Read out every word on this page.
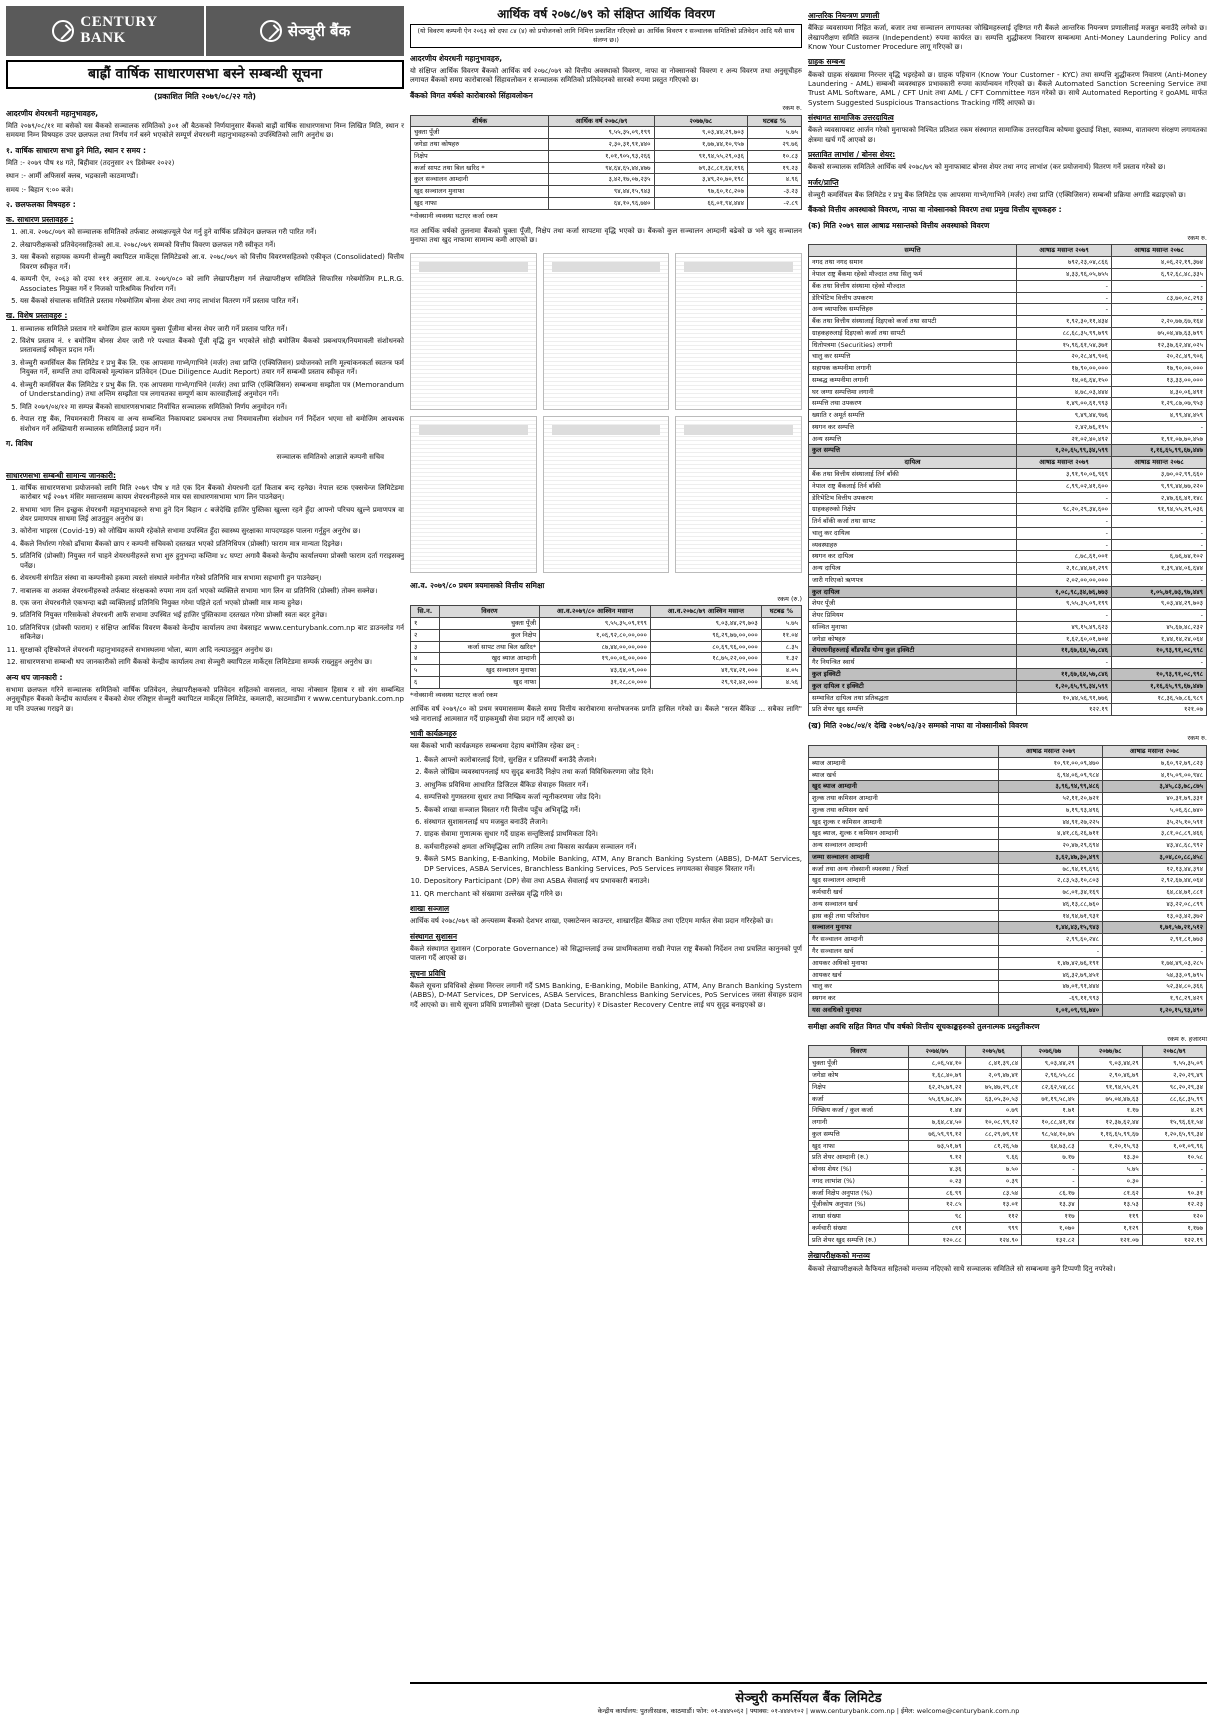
CENTURY
BANK	सेञ्चुरी बैंक
बाह्रौं वार्षिक साधारणसभा बस्ने सम्बन्धी सूचना
(प्रकाशित मिति २०७९/०८/२२ गते)

आदरणीय शेयरधनी महानुभावहरु,

मिति २०७९/०८/११ मा बसेको यस बैंकको सञ्चालक समितिको ३०१ औं बैठकको निर्णयानुसार बैंकको बाह्रौं वार्षिक साधारणसभा निम्न लिखित मिति, स्थान र समयमा निम्न विषयहरु उपर छलफल तथा निर्णय गर्न बस्ने भएकोले सम्पूर्ण शेयरधनी महानुभावहरुको उपस्थितिको लागि अनुरोध छ।

१. वार्षिक साधारण सभा हुने मिति, स्थान र समय :

मिति :- २०७९ पौष १४ गते, बिहीवार (तदनुसार २९ डिसेम्बर २०२२)

स्थान :- आर्मी अफिसर्स क्लब, भद्रकाली काठमाण्डौं।

समय :- बिहान ९:०० बजे।

२. छलफलका विषयहरु :

क. साधारण प्रस्तावहरु :

1. आ.व. २०७८/०७९ को सञ्चालक समितिको तर्फबाट अध्यक्षज्यूले पेश गर्नु हुने वार्षिक प्रतिवेदन छलफल गरी पारित गर्ने।
2. लेखापरीक्षकको प्रतिवेदनसहितको आ.व. २०७८/०७९ सम्मको वित्तीय विवरण छलफल गरी स्वीकृत गर्ने।
3. यस बैंकको सहायक कम्पनी सेञ्चुरी क्यापिटल मार्केट्स लिमिटेडको आ.व. २०७८/०७९ को वित्तीय विवरणसहितको एकीकृत (Consolidated) वित्तीय विवरण स्वीकृत गर्ने।
4. कम्पनी ऐन, २०६३ को दफा १११ अनुसार आ.व. २०७९/०८० को लागि लेखापरीक्षण गर्न लेखापरीक्षण समितिले सिफारिस गरेबमोजिम P.L.R.G. Associates नियुक्त गर्ने र निजको पारिश्रमिक निर्धारण गर्ने।
5. यस बैंकको संचालक समितिले प्रस्ताव गरेबमोजिम बोनस शेयर तथा नगद लाभांश वितरण गर्ने प्रस्ताव पारित गर्ने।

ख. विशेष प्रस्तावहरु :

1. सञ्चालक समितिले प्रस्ताव गरे बमोजिम हाल कायम चुक्ता पूँजीमा बोनस शेयर जारी गर्ने प्रस्ताव पारित गर्ने।
2. विशेष प्रस्ताव नं. १ बमोजिम बोनस शेयर जारी गरे पश्चात बैंकको पूँजी वृद्धि हुन भएकोले सोही बमोजिम बैंकको प्रबन्धपत्र/नियमावली संशोधनको प्रस्तावलाई स्वीकृत प्रदान गर्ने।
3. सेञ्चुरी कमर्सियल बैंक लिमिटेड र प्रभु बैंक लि. एक आपसमा गाभ्ने/गाभिने (मर्जर) तथा प्राप्ति (एक्विजिसन) प्रयोजनको लागि मूल्यांकनकर्ता स्वतन्त्र फर्म नियुक्त गर्ने, सम्पत्ति तथा दायित्वको मूल्यांकन प्रतिवेदन (Due Diligence Audit Report) तयार गर्ने सम्बन्धी प्रस्ताव स्वीकृत गर्ने।
4. सेञ्चुरी कमर्सियल बैंक लिमिटेड र प्रभु बैंक लि. एक आपसमा गाभ्ने/गाभिने (मर्जर) तथा प्राप्ति (एक्विजिसन) सम्बन्धमा सम्झौता पत्र (Memorandum of Understanding) तथा अन्तिम सम्झौता पत्र लगायतका सम्पूर्ण काम कारवाहीलाई अनुमोदन गर्ने।
5. मिति २०७९/०४/१२ मा सम्पन्न बैंकको साधारणसभाबाट निर्वाचित सञ्चालक समितिको निर्णय अनुमोदन गर्ने।
6. नेपाल राष्ट्र बैंक, नियमनकारी निकाय वा अन्य सम्बन्धित निकायबाट प्रबन्धपत्र तथा नियमावलीमा संशोधन गर्न निर्देशन भएमा सो बमोजिम आवश्यक संशोधन गर्ने अख्तियारी सञ्चालक समितिलाई प्रदान गर्ने।

ग. विविध

सञ्चालक समितिको आज्ञाले कम्पनी सचिव

साधारणसभा सम्बन्धी सामान्य जानकारी:

1. वार्षिक साधारणसभा प्रयोजनको लागि मिति २०७९ पौष ४ गते एक दिन बैंकको शेयरधनी दर्ता किताब बन्द रहनेछ। नेपाल स्टक एक्सचेन्ज लिमिटेडमा कारोबार भई २०७९ मंसिर मसान्तसम्म कायम शेयरधनीहरुले मात्र यस साधारणसभामा भाग लिन पाउनेछन्।
2. सभामा भाग लिन इच्छुक शेयरधनी महानुभावहरुले सभा हुने दिन बिहान ८ बजेदेखि हाजिर पुस्तिका खुल्ला रहने हुँदा आफ्नो परिचय खुल्ने प्रमाणपत्र वा शेयर प्रमाणपत्र साथमा लिई आउनुहुन अनुरोध छ।
3. कोरोना भाइरस (Covid-19) को जोखिम कायमै रहेकोले सभामा उपस्थित हुँदा स्वास्थ्य सुरक्षाका मापदण्डहरु पालना गर्नुहुन अनुरोध छ।
4. बैंकले निर्धारण गरेको ढाँचामा बैंकको छाप र कम्पनी सचिवको दस्तखत भएको प्रतिनिधिपत्र (प्रोक्सी) फाराम मात्र मान्यता दिइनेछ।
5. प्रतिनिधि (प्रोक्सी) नियुक्त गर्न चाहने शेयरधनीहरुले सभा शुरु हुनुभन्दा कम्तिमा ४८ घण्टा अगावै बैंकको केन्द्रीय कार्यालयमा प्रोक्सी फाराम दर्ता गराइसक्नु पर्नेछ।
6. शेयरधनी संगठित संस्था वा कम्पनीको हकमा त्यस्तो संस्थाले मनोनीत गरेको प्रतिनिधि मात्र सभामा सहभागी हुन पाउनेछन्।
7. नाबालक वा अशक्त शेयरधनीहरुको तर्फबाट संरक्षकको रुपमा नाम दर्ता भएको व्यक्तिले सभामा भाग लिन वा प्रतिनिधि (प्रोक्सी) तोक्न सक्नेछ।
8. एक जना शेयरधनीले एकभन्दा बढी व्यक्तिलाई प्रतिनिधि नियुक्त गरेमा पहिले दर्ता भएको प्रोक्सी मात्र मान्य हुनेछ।
9. प्रतिनिधि नियुक्त गरिसकेको शेयरधनी आफैं सभामा उपस्थित भई हाजिर पुस्तिकामा दस्तखत गरेमा प्रोक्सी स्वतः बदर हुनेछ।
10. प्रतिनिधिपत्र (प्रोक्सी फाराम) र संक्षिप्त आर्थिक विवरण बैंकको केन्द्रीय कार्यालय तथा वेबसाइट www.centurybank.com.np बाट डाउनलोड गर्न सकिनेछ।
11. सुरक्षाको दृष्टिकोणले शेयरधनी महानुभावहरुले सभास्थलमा भोला, ब्याग आदि नल्याउनुहुन अनुरोध छ।
12. साधारणसभा सम्बन्धी थप जानकारीको लागि बैंकको केन्द्रीय कार्यालय तथा सेञ्चुरी क्यापिटल मार्केट्स लिमिटेडमा सम्पर्क राख्नुहुन अनुरोध छ।

अन्य थप जानकारी :

सभामा छलफल गरिने सञ्चालक समितिको वार्षिक प्रतिवेदन, लेखापरीक्षकको प्रतिवेदन सहितको वासलात, नाफा नोक्सान हिसाब र सो संग सम्बन्धित अनुसूचीहरु बैंकको केन्द्रीय कार्यालय र बैंकको शेयर रजिष्ट्रार सेञ्चुरी क्यापिटल मार्केट्स लिमिटेड, कमलादी, काठमाडौंमा र www.centurybank.com.np मा पनि उपलब्ध गराइने छ।

आर्थिक वर्ष २०७८/७९ को संक्षिप्त आर्थिक विवरण
(यो विवरण कम्पनी ऐन २०६३ को दफा ८४ (४) को प्रयोजनको लागि निमित्त प्रकाशित गरिएको छ। आर्थिक विवरण र सञ्चालक समितिको प्रतिवेदन आदि यसै साथ संलग्न छ।)

आदरणीय शेयरधनी महानुभावहरु,

यो संक्षिप्त आर्थिक विवरण बैंकको आर्थिक वर्ष २०७८/०७९ को वित्तीय अवस्थाको विवरण, नाफा वा नोक्सानको विवरण र अन्य विवरण तथा अनुसूचीहरु लगायत बैंकको समग्र कारोबारको सिंहावलोकन र सञ्चालक समितिको प्रतिवेदनको सारको रुपमा प्रस्तुत गरिएको छ।

बैंकको विगत वर्षको कारोबारको सिंहावलोकन

रकम रु.
शीर्षक	आर्थिक वर्ष २०७८/७९	२०७७/७८	घटबढ %
चुक्ता पूँजी	९,५५,३५,०९,१९९	९,०३,४४,२९,७०३	५.७५
जगेडा तथा कोषहरु	२,३०,३१,९१,४४०	१,७७,४४,१०,९५७	२९.७६
निक्षेप	१,०१,९०५,९३,२६६	९१,९४,५५,२९,०३६	१०.८३
कर्जा सापट तथा बिल खरिद *	९४,६४,६५,४४,४७७	७९,३८,८१,६४,१९६	१९.२३
कुल सञ्चालन आम्दानी	३,४२,१७,०७,२३५	३,४९,२०,७०,१९८	४.९६
खुद सञ्चालन मुनाफा	९४,४४,१५,९४३	९७,६०,१८,२०७	-३.२३
खुद नाफा	६४,१०,९६,७४०	६६,०१,९४,४४४	-२.८९
*नोक्सानी व्यवस्था घटाएर कर्जा रकम

गत आर्थिक वर्षको तुलनामा बैंकको चुक्ता पूँजी, निक्षेप तथा कर्जा सापटमा वृद्धि भएको छ। बैंकको कुल सञ्चालन आम्दानी बढेको छ भने खुद सञ्चालन मुनाफा तथा खुद नाफामा सामान्य कमी आएको छ।

आ.व. २०७९/८० प्रथम त्रयमासको वित्तीय समिक्षा

रकम (रु.)
सि.न.	विवरण	आ.व.२०७९/८० आश्विन मसान्त	आ.व.२०७८/७९ आश्विन मसान्त	घटबढ %
१	चुक्ता पूँजी	९,५५,३५,०९,१९९	९,०३,४४,२९,७०३	५.७५
२	कुल निक्षेप	१,०६,९२,८०,००,०००	९६,२९,७७,००,०००	११.०४
३	कर्जा सापट तथा बिल खरिद*	८७,४४,००,००,०००	८०,६९,९६,००,०००	८.३५
४	खुद ब्याज आम्दानी	१९,००,०६,००,०००	१८,७५,२२,००,०००	१.३२
५	खुद सञ्चालन मुनाफा	४३,६४,०९,०००	४१,९४,२१,०००	४.०५
६	खुद नाफा	३१,२८,८०,०००	२९,९२,४२,०००	४.५६
*नोक्सानी व्यवस्था घटाएर कर्जा रकम

आर्थिक वर्ष २०७९/८० को प्रथम त्रयमाससम्म बैंकले समग्र वित्तीय कारोबारमा सन्तोषजनक प्रगति हासिल गरेको छ। बैंकले "सरल बैंकिङ ... सबैका लागि" भन्ने नारालाई आत्मसात गर्दै ग्राहकमुखी सेवा प्रदान गर्दै आएको छ।

भावी कार्यक्रमहरु

यस बैंकको भावी कार्यक्रमहरु सम्बन्धमा देहाय बमोजिम रहेका छन् :

1. बैंकले आफ्नो कारोबारलाई दिगो, सुरक्षित र प्रतिस्पर्धी बनाउँदै लैजाने।
2. बैंकले जोखिम व्यवस्थापनलाई थप सुदृढ बनाउँदै निक्षेप तथा कर्जा विविधिकरणमा जोड दिने।
3. आधुनिक प्रविधिमा आधारित डिजिटल बैंकिङ सेवाहरु विस्तार गर्ने।
4. सम्पत्तिको गुणस्तरमा सुधार तथा निष्क्रिय कर्जा न्यूनीकरणमा जोड दिने।
5. बैंकको शाखा सञ्जाल विस्तार गरी वित्तीय पहुँच अभिवृद्धि गर्ने।
6. संस्थागत सुशासनलाई थप मजबुत बनाउँदै लैजाने।
7. ग्राहक सेवामा गुणात्मक सुधार गर्दै ग्राहक सन्तुष्टिलाई प्राथमिकता दिने।
8. कर्मचारीहरुको क्षमता अभिवृद्धिका लागि तालिम तथा विकास कार्यक्रम सञ्चालन गर्ने।
9. बैंकले SMS Banking, E-Banking, Mobile Banking, ATM, Any Branch Banking System (ABBS), D-MAT Services, DP Services, ASBA Services, Branchless Banking Services, PoS Services लगायतका सेवाहरु विस्तार गर्ने।
10. Depository Participant (DP) सेवा तथा ASBA सेवालाई थप प्रभावकारी बनाउने।
11. QR merchant को संख्यामा उल्लेख्य वृद्धि गरिने छ।

शाखा सञ्जाल

आर्थिक वर्ष २०७८/०७९ को अन्त्यसम्म बैंकको देशभर शाखा, एक्सटेन्सन काउन्टर, शाखारहित बैंकिङ तथा एटिएम मार्फत सेवा प्रदान गरिरहेको छ।

संस्थागत सुशासन

बैंकले संस्थागत सुशासन (Corporate Governance) को सिद्धान्तलाई उच्च प्राथमिकतामा राखी नेपाल राष्ट्र बैंकको निर्देशन तथा प्रचलित कानुनको पूर्ण पालना गर्दै आएको छ।

सूचना प्रविधि

बैंकले सूचना प्रविधिको क्षेत्रमा निरन्तर लगानी गर्दै SMS Banking, E-Banking, Mobile Banking, ATM, Any Branch Banking System (ABBS), D-MAT Services, DP Services, ASBA Services, Branchless Banking Services, PoS Services जस्ता सेवाहरु प्रदान गर्दै आएको छ। साथै सूचना प्रविधि प्रणालीको सुरक्षा (Data Security) र Disaster Recovery Centre लाई थप सुदृढ बनाइएको छ।

आन्तरिक नियन्त्रण प्रणाली

बैंकिङ व्यवसायमा निहित कर्जा, बजार तथा सञ्चालन लगायतका जोखिमहरुलाई दृष्टिगत गरी बैंकले आन्तरिक नियन्त्रण प्रणालीलाई मजबुत बनाउँदै लगेको छ। लेखापरीक्षण समिति स्वतन्त्र (Independent) रुपमा कार्यरत छ। सम्पत्ति शुद्धीकरण निवारण सम्बन्धमा Anti-Money Laundering Policy and Know Your Customer Procedure लागू गरिएको छ।

ग्राहक सम्बन्ध

बैंकको ग्राहक संख्यामा निरन्तर वृद्धि भइरहेको छ। ग्राहक पहिचान (Know Your Customer - KYC) तथा सम्पत्ति शुद्धीकरण निवारण (Anti-Money Laundering - AML) सम्बन्धी व्यवस्थाहरु प्रभावकारी रुपमा कार्यान्वयन गरिएको छ। बैंकले Automated Sanction Screening Service तथा Trust AML Software, AML / CFT Unit तथा AML / CFT Committee गठन गरेको छ। साथै Automated Reporting र goAML मार्फत System Suggested Suspicious Transactions Tracking गरिँदै आएको छ।

संस्थागत सामाजिक उत्तरदायित्व

बैंकले व्यवसायबाट आर्जन गरेको मुनाफाको निश्चित प्रतिशत रकम संस्थागत सामाजिक उत्तरदायित्व कोषमा छुट्याई शिक्षा, स्वास्थ्य, वातावरण संरक्षण लगायतका क्षेत्रमा खर्च गर्दै आएको छ।

प्रस्तावित लाभांश / बोनस शेयर:

बैंकको सञ्चालक समितिले आर्थिक वर्ष २०७८/७९ को मुनाफाबाट बोनस शेयर तथा नगद लाभांश (कर प्रयोजनार्थ) वितरण गर्ने प्रस्ताव गरेको छ।

मर्जर/प्राप्ति

सेञ्चुरी कमर्सियल बैंक लिमिटेड र प्रभु बैंक लिमिटेड एक आपसमा गाभ्ने/गाभिने (मर्जर) तथा प्राप्ति (एक्विजिसन) सम्बन्धी प्रक्रिया अगाडि बढाइएको छ।

बैंकको वित्तीय अवस्थाको विवरण, नाफा वा नोक्सानको विवरण तथा प्रमुख वित्तीय सूचकहरु :

(क) मिति २०७९ साल आषाढ मसान्तको वित्तीय अवस्थाको विवरण

रकम रु.
सम्पत्ति	आषाढ मसान्त २०७९	आषाढ मसान्त २०७८
नगद तथा नगद समान	७९२,२३,०४,८६६	४,०६,२२,१९,३७४
नेपाल राष्ट्र बैंकमा रहेको मौज्दात तथा सिलु फर्म	४,३३,९६,०५,७५५	६,९२,६८,४८,३३५
बैंक तथा वित्तीय संस्थामा रहेको मौज्दात	-	-
डेरिभेटिभ वित्तीय उपकरण	-	८३,७०,०८,२९३
अन्य व्यापारिक सम्पत्तिहरु	-	-
बैंक तथा वित्तीय संस्थालाई दिइएको कर्जा तथा सापटी	१,९२,३०,११,४३४	२,२०,७७,६७,१६४
ग्राहकहरुलाई दिइएको कर्जा तथा सापटी	८८,६८,३५,९९,७९९	७५,०४,४७,६३,७९९
धितोपत्रमा (Securities) लगानी	१५,९६,६१,५४,३७१	१२,३७,६२,४४,०२५
चालु कर सम्पत्ति	२०,२८,४९,९०६	२०,२८,४९,९०६
सहायक कम्पनीमा लगानी	१७,९०,००,०००	१७,९०,००,०००
सम्बद्ध कम्पनीमा लगानी	१४,०६,६४,१५०	१३,३३,००,०००
घर जग्गा सम्पत्तिमा लगानी	४,७८,०३,४४४	४,३०,०६,४९१
सम्पत्ति तथा उपकरण	१,४९,००,६१,९९३	१,२९,८७,०७,९५३
ख्याति र अमूर्त सम्पत्ति	९,४९,४४,९७६	४,९९,४४,४५९
स्थगन कर सम्पत्ति	२,४२,७६,१९५	-
अन्य सम्पत्ति	२१,०२,४०,४९२	१,९१,०७,७०,४५७
कुल सम्पत्ति	१,२०,६५,९९,३४,५९९	१,१६,६५,९९,६७,४४७
दायित्व	आषाढ मसान्त २०७९	आषाढ मसान्त २०७८
बैंक तथा वित्तीय संस्थालाई तिर्न बाँकी	३,९१,९०,०६,९६९	३,७०,०२,९९,६६०
नेपाल राष्ट्र बैंकलाई तिर्न बाँकी	८,९९,०२,४१,६००	९,९९,४४,७७,२२०
डेरिभेटिभ वित्तीय उपकरण	-	२,४७,६६,४१,१४८
ग्राहकहरुको निक्षेप	९८,२०,२९,३४,६००	९१,९४,५५,२९,०३६
तिर्न बाँकी कर्जा तथा सापट	-	-
चालु कर दायित्व	-	-
व्यवस्थाहरु	-	-
स्थगन कर दायित्व	८,७८,६१,००१	६,७६,७४,१०२
अन्य दायित्व	२,१८,४४,७१,२९९	१,३९,४४,०६,६४४
जारी गरिएको ऋणपत्र	२,०२,००,००,०००	-
कुल दायित्व	१,०८,९८,३४,७६,७७३	१,०५,७१,७३,९७,४४९
शेयर पूँजी	९,५५,३५,०९,१९९	९,०३,४४,२९,७०३
शेयर प्रिमियम	-	-
सञ्चित मुनाफा	४९,१५,४९,६२३	४५,६७,४८,२३२
जगेडा कोषहरु	१,६२,६०,०१,७०४	१,४४,१४,२४,०६४
शेयरधनीहरुलाई बाँडफाँड योग्य कुल इक्विटी	११,६७,६४,५७,८४६	१०,९३,९१,०८,९९८
गैर नियन्त्रित स्वार्थ	-	-
कुल इक्विटी	११,६७,६४,५७,८४६	१०,९३,९१,०८,९९८
कुल दायित्व र इक्विटी	१,२०,६५,९९,३४,५९९	१,१६,६५,९९,६७,४४७
सम्भावित दायित्व तथा प्रतिबद्धता	१०,४४,५६,९१,७७६	१८,३६,५७,८६,९८९
प्रति शेयर खुद सम्पत्ति	१२२.१९	१२१.०७

(ख) मिति २०७८/०४/१ देखि २०७९/०३/३२ सम्मको नाफा वा नोक्सानीको विवरण

रकम रु.
	आषाढ मसान्त २०७९	आषाढ मसान्त २०७८
ब्याज आम्दानी	१०,९१,००,०९,४७०	७,६०,९२,७९,८२३
ब्याज खर्च	६,९४,०६,०९,९८४	४,१५,०९,००,९४८
खुद ब्याज आम्दानी	३,९६,९४,९९,४८६	३,४५,८३,७८,८७५
शुल्क तथा कमिसन आम्दानी	५२,११,२०,७२१	४०,३१,७९,३३१
शुल्क तथा कमिसन खर्च	७,१९,९३,४९६	५,०६,६८,७४०
खुद शुल्क र कमिसन आम्दानी	४४,९१,२७,२२५	३५,२५,१०,५९१
खुद ब्याज, शुल्क र कमिसन आम्दानी	४,४१,८६,२६,७११	३,८१,०८,८९,४६६
अन्य सञ्चालन आम्दानी	२०,४७,२९,६९४	४३,४८,६८,९९२
जम्मा सञ्चालन आम्दानी	३,६२,४७,३०,४९९	३,०४,८०,८८,४५८
कर्जा तथा अन्य नोक्सानी व्यवस्था / फिर्ता	७८,९४,१९,६९६	१२,१३,४४,३९४
खुद सञ्चालन आम्दानी	२,८३,५३,१०,८०३	२,९२,६७,४४,०६४
कर्मचारी खर्च	७८,०१,३४,१६९	६४,८४,७१,८८१
अन्य सञ्चालन खर्च	४६,१३,८८,७६०	४३,२२,०८,८९९
ह्रास कट्टी तथा परिशोधन	१४,९४,७१,९३१	१३,०३,४२,३७२
सञ्चालन मुनाफा	१,४४,४३,१५,९४३	१,७१,५७,२१,५१२
गैर सञ्चालन आम्दानी	२,९९,६०,२४८	२,९१,८१,७७३
गैर सञ्चालन खर्च	-	-
आयकर अघिको मुनाफा	१,४७,४२,७६,१९१	१,७४,४९,०३,२८५
आयकर खर्च	४६,३२,७९,४५१	५४,३३,०९,७९५
चालु कर	४७,०१,९१,४४४	५२,३४,८०,३६६
स्थगन कर	-६९,११,९९३	१,९८,२९,४२९
यस अवधिको मुनाफा	१,०१,०९,९६,७४०	१,२०,१५,९३,४९०

समीक्षा अवधि सहित विगत पाँच वर्षको वित्तीय सूचकाङ्कहरुको तुलनात्मक प्रस्तुतीकरण

रकम रु. हजारमा
विवरण	२०७४/७५	२०७५/७६	२०७६/७७	२०७७/७८	२०७८/७९
चुक्ता पूँजी	८,०६,५४,१०	८,४१,३९,८४	९,०३,४४,२९	९,०३,४४,२९	९,५५,३५,०९
जगेडा कोष	१,६८,४०,७९	२,०९,४७,४१	२,९६,५५,८८	२,९०,४६,७९	२,२०,२९,४९
निक्षेप	६२,२५,७९,२२	७५,४७,२९,८१	८२,६२,५४,८८	९१,९४,५५,२९	९८,२०,२९,३४
कर्जा	५५,६९,७८,४५	६३,०५,३०,५३	७१,१९,५८,४५	७५,०४,४७,६३	८८,६८,३५,९९
निष्क्रिय कर्जा / कुल कर्जा	१.४४	०.७९	१.७१	१.१७	४.२९
लगानी	७,६४,८४,५०	१०,०८,९९,१२	१०,८८,४१,१४	१२,३७,६२,४४	१५,९६,६१,५४
कुल सम्पत्ति	७६,५९,९९,१२	८८,२९,७९,९१	९८,५४,१०,७५	१,१६,६५,९९,६७	१,२०,६५,९९,३४
खुद नाफा	७३,५१,७९	८१,२६,५७	६४,७३,८३	१,२०,१५,९३	१,०१,०९,९६
प्रति शेयर आम्दानी (रु.)	९.१२	९.६६	७.१७	१३.३०	१०.५८
बोनस शेयर (%)	४.३६	७.५०	-	५.७५	-
नगद लाभांश (%)	०.२३	०.३९	-	०.३०	-
कर्जा निक्षेप अनुपात (%)	८६.९९	८३.५४	८६.१७	८१.६२	९०.३१
पूँजीकोष अनुपात (%)	१२.८५	१३.०१	१३.३४	१३.५३	१२.२३
शाखा संख्या	९८	११२	११७	११९	१२०
कर्मचारी संख्या	८९१	९९९	१,०७०	१,१२९	१,१७७
प्रति शेयर खुद सम्पत्ति (रु.)	१२०.८८	१२४.९०	१३२.८२	१२१.०७	१२२.१९

लेखापरीक्षकको मन्तव्य

बैंकको लेखापरीक्षकले कैफियत सहितको मन्तव्य नदिएको साथै सञ्चालक समितिले सो सम्बन्धमा कुनै टिप्पणी दिनु नपरेको।

सेञ्चुरी कमर्सियल बैंक लिमिटेड
केन्द्रीय कार्यालय: पुतलीसडक, काठमाडौं। फोन: ०१-४४४५०६२ | फ्याक्स: ०१-४४४५१०२ | www.centurybank.com.np | ईमेल: welcome@centurybank.com.np
